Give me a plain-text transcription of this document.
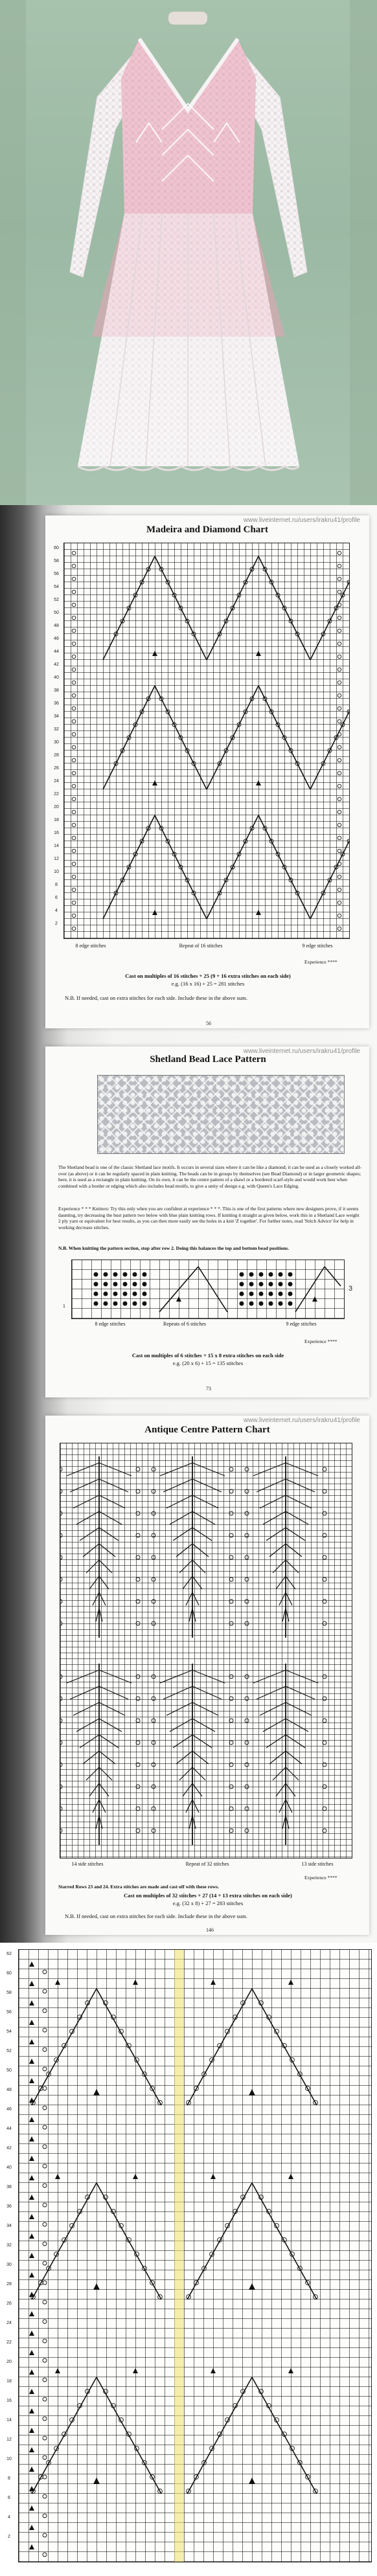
www.liveinternet.ru/users/irakru41/profile
Madeira and Diamond Chart
60
58
56
54
52
50
48
46
44
42
40
38
36
34
32
30
28
26
24
22
20
18
16
14
12
10
8
6
4
2
8 edge stitches	Repeat of 16 stitches	9 edge stitches
Experience ****
Cast on multiples of 16 stitches + 25 (9 + 16 extra stitches on each side)
e.g. (16 x 16) + 25 = 281 stitches
N.B. If needed, cast on extra stitches for each side. Include these in the above sum.
56
www.liveinternet.ru/users/irakru41/profile
Shetland Bead Lace Pattern
The Shetland bead is one of the classic Shetland lace motifs. It occurs in several sizes where it can be like a diamond; it can be used as a closely worked all-over (as above) or it can be regularly spaced in plain knitting. The beads can be in groups by themselves (see Bead Diamond) or in larger geometric shapes; here, it is used as a rectangle in plain knitting. On its own, it can be the centre pattern of a shawl or a bordered scarf-style and would work best when combined with a border or edging which also includes bead motifs, to give a unity of design e.g. with Queen's Lace Edging.
Experience * * * Knitters: Try this only when you are confident at experience * * *. This is one of the first patterns where new designers prove, if it seems daunting, try decreasing the bust pattern two below with blue plain knitting rows. If knitting it straight as given below, work this in a Shetland Lace weight 2 ply yarn or equivalent for best results, as you can then more easily see the holes in a knit 'Z together'. For further notes, read 'Stitch Advice' for help in working decrease stitches.
N.B. When knitting the pattern section, stop after row 2. Doing this balances the top and bottom bead positions.
1
3
8 edge stitches	Repeats of 6 stitches	9 edge stitches
Experience ****
Cast on multiples of 6 stitches + 15 x 8 extra stitches on each side
e.g. (20 x 6) + 15 = 135 stitches
73
www.liveinternet.ru/users/irakru41/profile
Antique Centre Pattern Chart
14 side stitches	Repeat of 32 stitches	13 side stitches
Experience ****
Starred Rows 23 and 24. Extra stitches are made and cast off with these rows.
Cast on multiples of 32 stitches + 27 (14 + 13 extra stitches on each side)
e.g. (32 x 8) + 27 = 283 stitches
N.B. If needed, cast on extra stitches for each side. Include these in the above sum.
146
62
60
58
56
54
52
50
48
46
44
42
40
38
36
34
32
30
28
26
24
22
20
18
16
14
12
10
8
6
4
2
